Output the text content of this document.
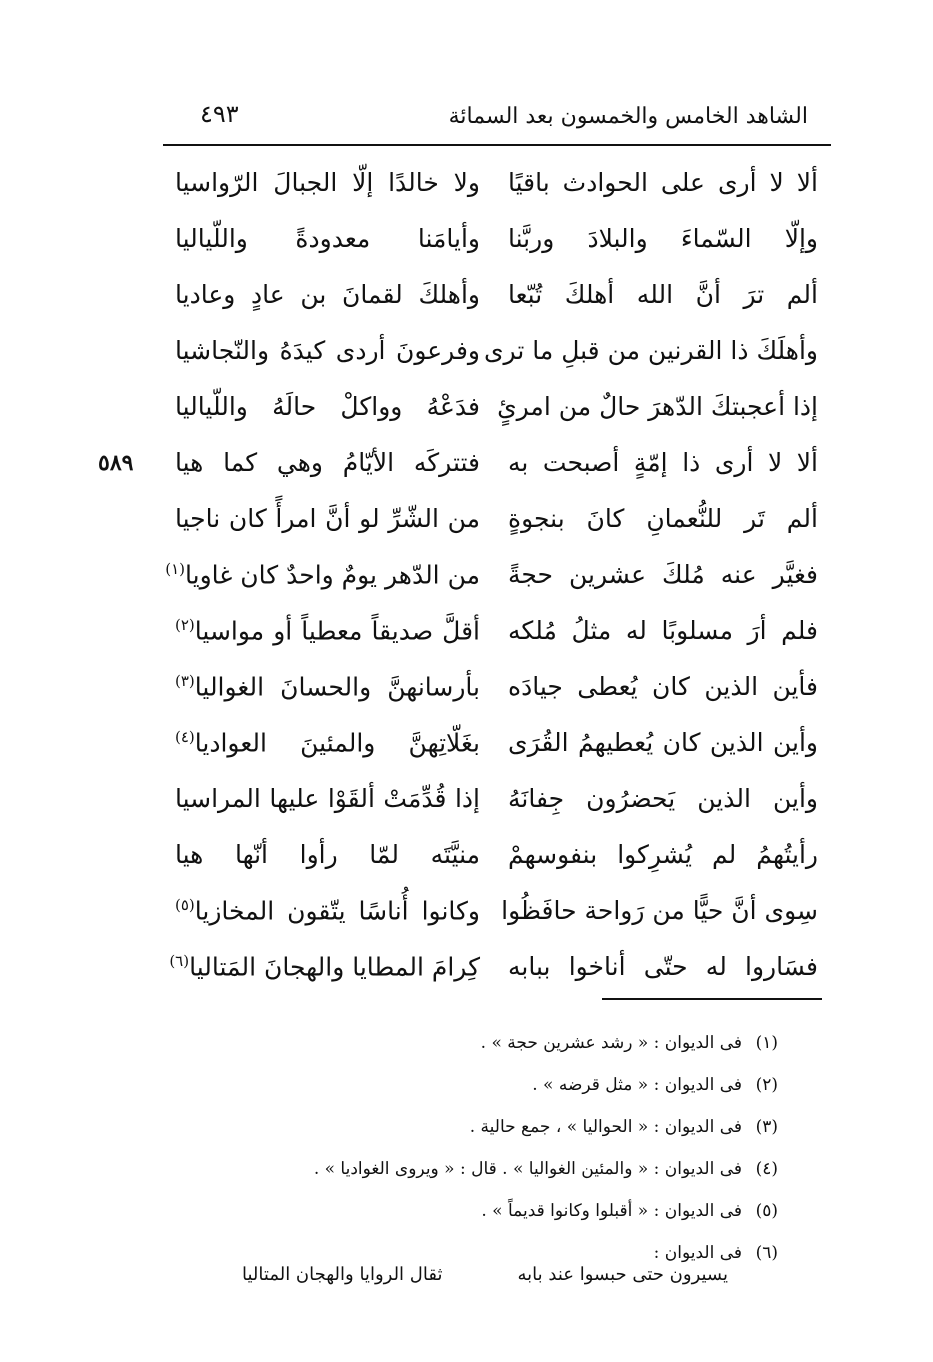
الشاهد الخامس والخمسون بعد السمائة
٤٩٣
٥٨٩
ألا لا أرى على الحوادث باقيًا
ولا خالدًا إلّا الجبالَ الرّواسيا
وإلّا السّماءَ والبلادَ وربَّنا
وأيامَنا معدودةً واللّياليا
ألم ترَ أنَّ الله أهلكَ تُبّعا
وأهلكَ لقمانَ بن عادٍ وعاديا
وأهلَكَ ذا القرنين من قبلِ ما ترى
وفرعونَ أردى كيدَهُ والنّجاشيا
إذا أعجبتكَ الدّهرَ حالٌ من امرئٍ
فدَعْهُ وواكلْ حالَهُ واللّياليا
ألا لا أرى ذا إمّةٍ أصبحت به
فتتركَه الأيّامُ وهي كما هيا
ألم تَر للنُّعمانِ كانَ بنجوةٍ
من الشّرِّ لو أنَّ امرأً كان ناجيا
فغيَّر عنه مُلكَ عشرين حجةً
من الدّهر يومٌ واحدٌ كان غاويا$^{(١)}$
فلم أرَ مسلوبًا له مثلُ مُلكه
أقلَّ صديقاً معطياً أو مواسيا$^{(٢)}$
فأين الذين كان يُعطى جيادَه
بأرسانهنَّ والحسانَ الغواليا$^{(٣)}$
وأين الذين كان يُعطيهمُ القُرَى
بغَلّاتِهنَّ والمئينَ العواديا$^{(٤)}$
وأين الذين يَحضرُون جِفانَهُ
إذا قُدِّمَتْ ألقَوْا عليها المراسيا
رأيتُهمُ لم يُشرِكوا بنفوسهمْ
منيَّتَه لمّا رأوا أنّها هيا
سِوى أنَّ حيًّا من رَواحة حافَظُوا
وكانوا أُناسًا يتّقون المخازيا$^{(٥)}$
فسَاروا له حتّى أناخوا ببابه
كِرامَ المطايا والهجانَ المَتاليا$^{(٦)}$
(١)فى الديوان : « رشد عشرين حجة » .
(٢)فى الديوان : « مثل قرضه » .
(٣)فى الديوان : « الحواليا » ، جمع حالية .
(٤)فى الديوان : « والمئين الغواليا » . قال : « ويروى الغواديا » .
(٥)فى الديوان : « أقبلوا وكانوا قديماً » .
(٦)فى الديوان :
يسيرون حتى حبسوا عند بابه
ثقال الروايا والهجان المتاليا
